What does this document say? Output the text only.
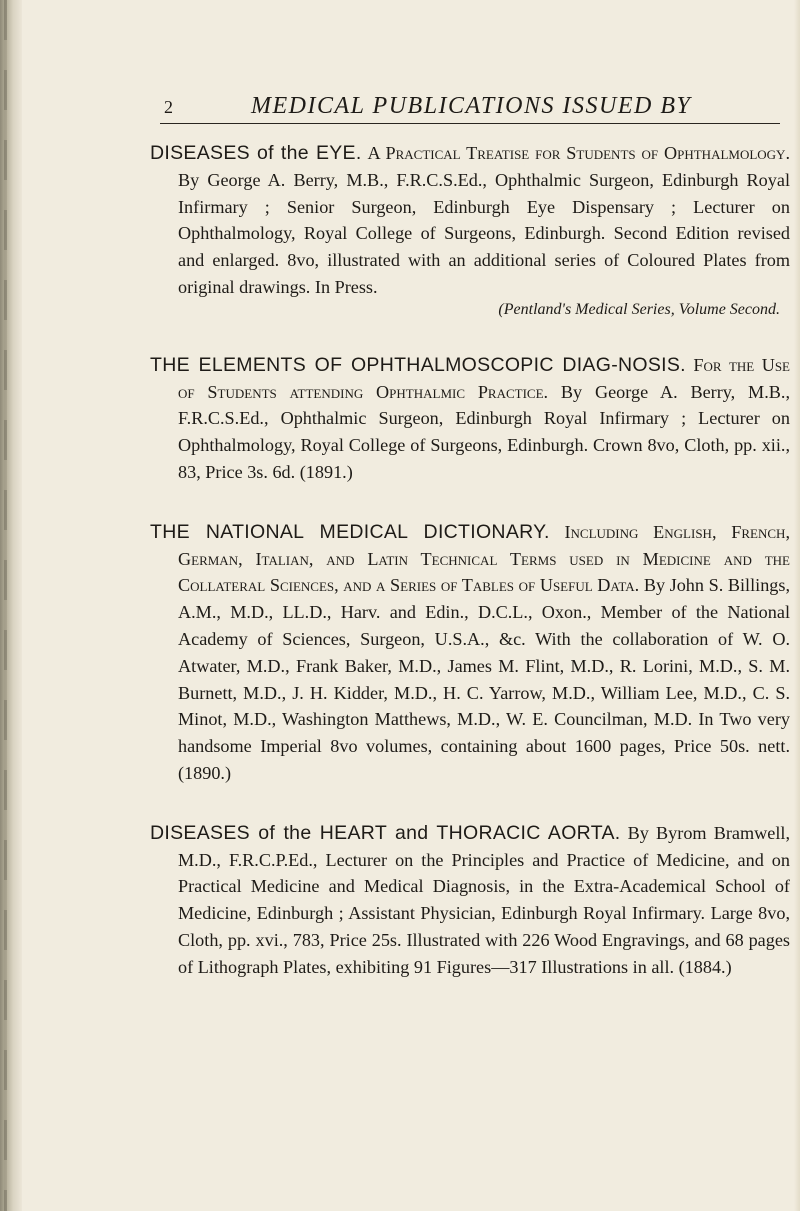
2	MEDICAL PUBLICATIONS ISSUED BY

DISEASES of the EYE. A Practical Treatise for Students of Ophthalmology. By George A. Berry, M.B., F.R.C.S.Ed., Ophthalmic Surgeon, Edinburgh Royal Infirmary ; Senior Surgeon, Edinburgh Eye Dispensary ; Lecturer on Ophthalmology, Royal College of Surgeons, Edinburgh. Second Edition revised and enlarged. 8vo, illustrated with an additional series of Coloured Plates from original drawings. In Press.

(Pentland's Medical Series, Volume Second.

THE ELEMENTS OF OPHTHALMOSCOPIC DIAG-NOSIS. For the Use of Students attending Ophthalmic Practice. By George A. Berry, M.B., F.R.C.S.Ed., Ophthalmic Surgeon, Edinburgh Royal Infirmary ; Lecturer on Ophthalmology, Royal College of Surgeons, Edinburgh. Crown 8vo, Cloth, pp. xii., 83, Price 3s. 6d. (1891.)

THE NATIONAL MEDICAL DICTIONARY. Including English, French, German, Italian, and Latin Technical Terms used in Medicine and the Collateral Sciences, and a Series of Tables of Useful Data. By John S. Billings, A.M., M.D., LL.D., Harv. and Edin., D.C.L., Oxon., Member of the National Academy of Sciences, Surgeon, U.S.A., &c. With the collaboration of W. O. Atwater, M.D., Frank Baker, M.D., James M. Flint, M.D., R. Lorini, M.D., S. M. Burnett, M.D., J. H. Kidder, M.D., H. C. Yarrow, M.D., William Lee, M.D., C. S. Minot, M.D., Washington Matthews, M.D., W. E. Councilman, M.D. In Two very handsome Imperial 8vo volumes, containing about 1600 pages, Price 50s. nett. (1890.)

DISEASES of the HEART and THORACIC AORTA. By Byrom Bramwell, M.D., F.R.C.P.Ed., Lecturer on the Principles and Practice of Medicine, and on Practical Medicine and Medical Diagnosis, in the Extra-Academical School of Medicine, Edinburgh ; Assistant Physician, Edinburgh Royal Infirmary. Large 8vo, Cloth, pp. xvi., 783, Price 25s. Illustrated with 226 Wood Engravings, and 68 pages of Lithograph Plates, exhibiting 91 Figures—317 Illustrations in all. (1884.)
